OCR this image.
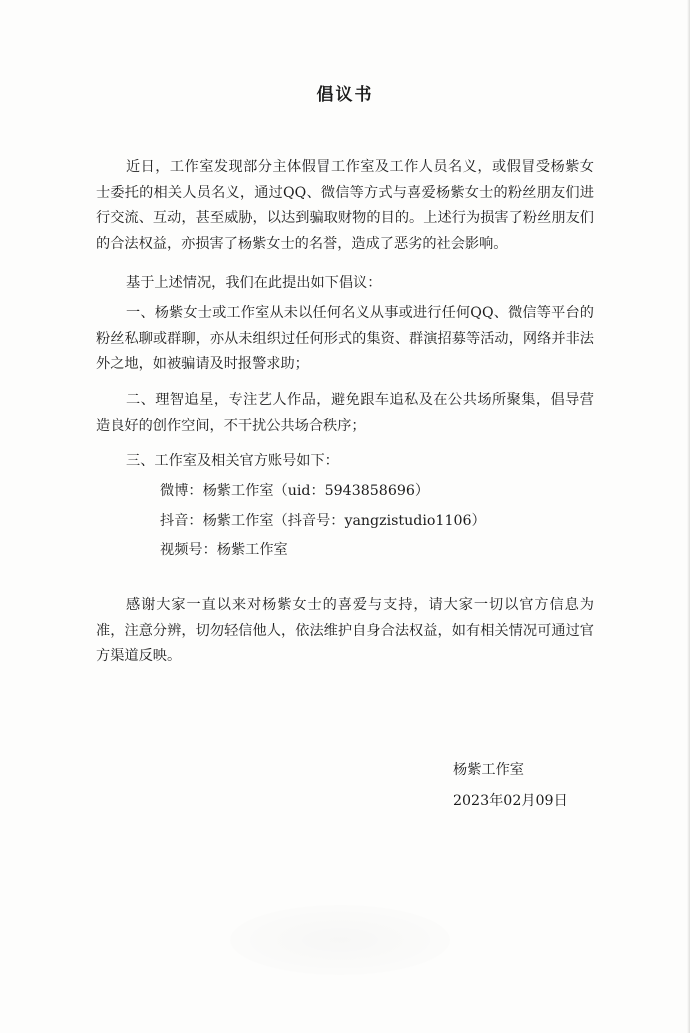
倡议书

近日，工作室发现部分主体假冒工作室及工作人员名义，或假冒受杨紫女士委托的相关人员名义，通过QQ、微信等方式与喜爱杨紫女士的粉丝朋友们进行交流、互动，甚至威胁，以达到骗取财物的目的。上述行为损害了粉丝朋友们的合法权益，亦损害了杨紫女士的名誉，造成了恶劣的社会影响。

基于上述情况，我们在此提出如下倡议：

一、杨紫女士或工作室从未以任何名义从事或进行任何QQ、微信等平台的粉丝私聊或群聊，亦从未组织过任何形式的集资、群演招募等活动，网络并非法外之地，如被骗请及时报警求助；

二、理智追星，专注艺人作品，避免跟车追私及在公共场所聚集，倡导营造良好的创作空间，不干扰公共场合秩序；

三、工作室及相关官方账号如下：

微博：杨紫工作室（uid：5943858696）
抖音：杨紫工作室（抖音号：yangzistudio1106）
视频号：杨紫工作室

感谢大家一直以来对杨紫女士的喜爱与支持，请大家一切以官方信息为准，注意分辨，切勿轻信他人，依法维护自身合法权益，如有相关情况可通过官方渠道反映。

杨紫工作室
2023年02月09日
